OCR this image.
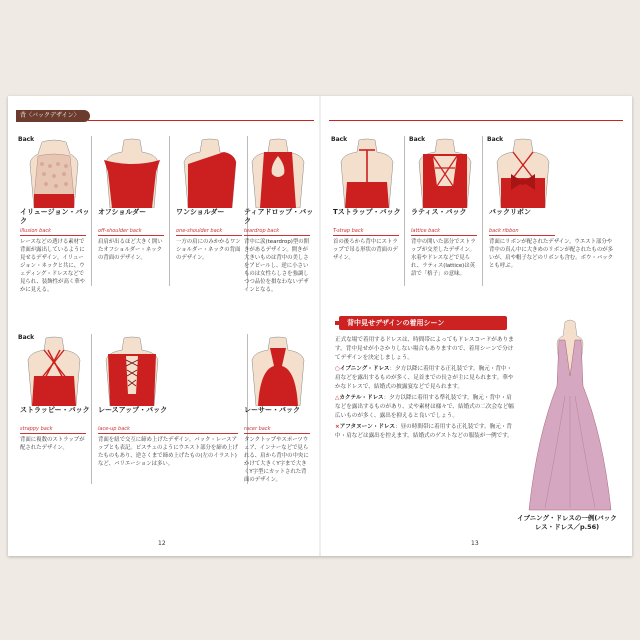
背〈バックデザイン〉
Back
イリュージョン・バック
illusion back
レースなどの透ける素材で背面が露出しているように見せるデザイン。イリュージョン・ネックと共に、ウェディング・ドレスなどで見られ、装飾性が高く華やかに見える。
オフショルダー
off-shoulder back
肩肩が出るほど大きく開いたオフショルダー・ネックの背面のデザイン。
ワンショルダー
one-shoulder back
一方の肩にのみかかるワンショルダー・ネックの背面のデザイン。
ティアドロップ・バック
teardrop back
背中に涙(teardrop)型の開きがあるデザイン。開きが大きいものは背中の美しさをアピールし、逆に小さいものは女性らしさを強調しつつ品位を損なわないデザインとなる。
Back
ストラッピー・バック
strappy back
背面に複数のストラップが配されたデザイン。
レースアップ・バック
lace-up back
背面を紐で交互に締め上げたデザイン。バック・レースアップとも表記。ビスチェのようにウエスト部分を締め上げたものもあり、逆さくまで締め上げたもの(左のイラスト)など、バリエーションは多い。
レーサー・バック
racer back
タンクトップやスポーツウェア、インナーなどで見られる、肩から背中の中央にかけて大きくY字まで大きくY字型にカットされた背面のデザイン。
12
Back
Tストラップ・バック
T-strap back
首の後ろから背中にストラップで吊る形状の背面のデザイン。
Back
ラティス・バック
lattice back
背中の開いた部分でストラップが交差したデザイン。水着やドレスなどで見られ、ラティス(lattice)は英語で「格子」の意味。
Back
バックリボン
back ribbon
背面にリボンが配されたデザイン。ウエスト部分や背中の真ん中に大きめのリボンが配されたものが多いが、肩や帽子などのリボンも含む。ボウ・バックとも呼ぶ。
背中見せデザインの着用シーン
正式な場で着用するドレスは、時間帯によってもドレスコードがあります。背中見せが小さかりしない場合もありますので、着用シーンで分けてデザインを決定しましょう。
○イブニング・ドレス：夕方以降に着用する正礼装です。胸元・背中・肩などを露出するものが多く、足首までの長さが主に見られます。華やかなドレスで、結婚式の披露宴などで見られます。
△カクテル・ドレス：夕方以降に着用する準礼装です。胸元・背中・肩などを露出するものがあり、丈や素材は様々で、結婚式の二次会など幅広いものが多く、露出を抑えると良いでしょう。
×アフタヌーン・ドレス：昼の時間帯に着用する正礼装です。胸元・背中・肩などは露出を控えます。結婚式のゲストなどの服装が一例です。
イブニング・ドレスの一例(バックレス・ドレス／p.56)
13
